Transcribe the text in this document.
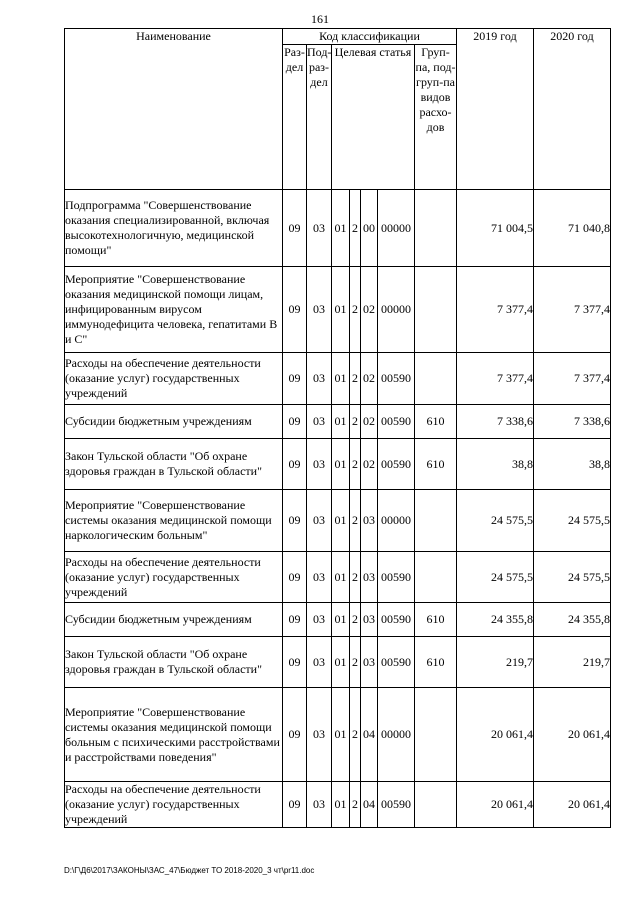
161
Наименование	Код классификации							2019 год	2020 год
	Раз-дел	Под-раз-дел	Целевая статья				Груп-па, под-груп-па видов расхо-дов		
Подпрограмма "Совершенствование оказания специализированной, включая высокотехнологичную, медицинской помощи"	09	03	01	2	00	00000		71 004,5	71 040,8
Мероприятие "Совершенствование оказания медицинской помощи лицам, инфицированным вирусом иммунодефицита человека, гепатитами В и С"	09	03	01	2	02	00000		7 377,4	7 377,4
Расходы на обеспечение деятельности (оказание услуг) государственных учреждений	09	03	01	2	02	00590		7 377,4	7 377,4
Субсидии бюджетным учреждениям	09	03	01	2	02	00590	610	7 338,6	7 338,6
Закон Тульской области "Об охране здоровья граждан в Тульской области"	09	03	01	2	02	00590	610	38,8	38,8
Мероприятие "Совершенствование системы оказания медицинской помощи наркологическим больным"	09	03	01	2	03	00000		24 575,5	24 575,5
Расходы на обеспечение деятельности (оказание услуг) государственных учреждений	09	03	01	2	03	00590		24 575,5	24 575,5
Субсидии бюджетным учреждениям	09	03	01	2	03	00590	610	24 355,8	24 355,8
Закон Тульской области "Об охране здоровья граждан в Тульской области"	09	03	01	2	03	00590	610	219,7	219,7
Мероприятие "Совершенствование системы оказания медицинской помощи больным с психическими расстройствами и расстройствами поведения"	09	03	01	2	04	00000		20 061,4	20 061,4
Расходы на обеспечение деятельности (оказание услуг) государственных учреждений	09	03	01	2	04	00590		20 061,4	20 061,4
D:\Г\Д6\2017\ЗАКОНЫ\ЗАС_47\Бюджет ТО 2018-2020_3 чт\pr11.doc
